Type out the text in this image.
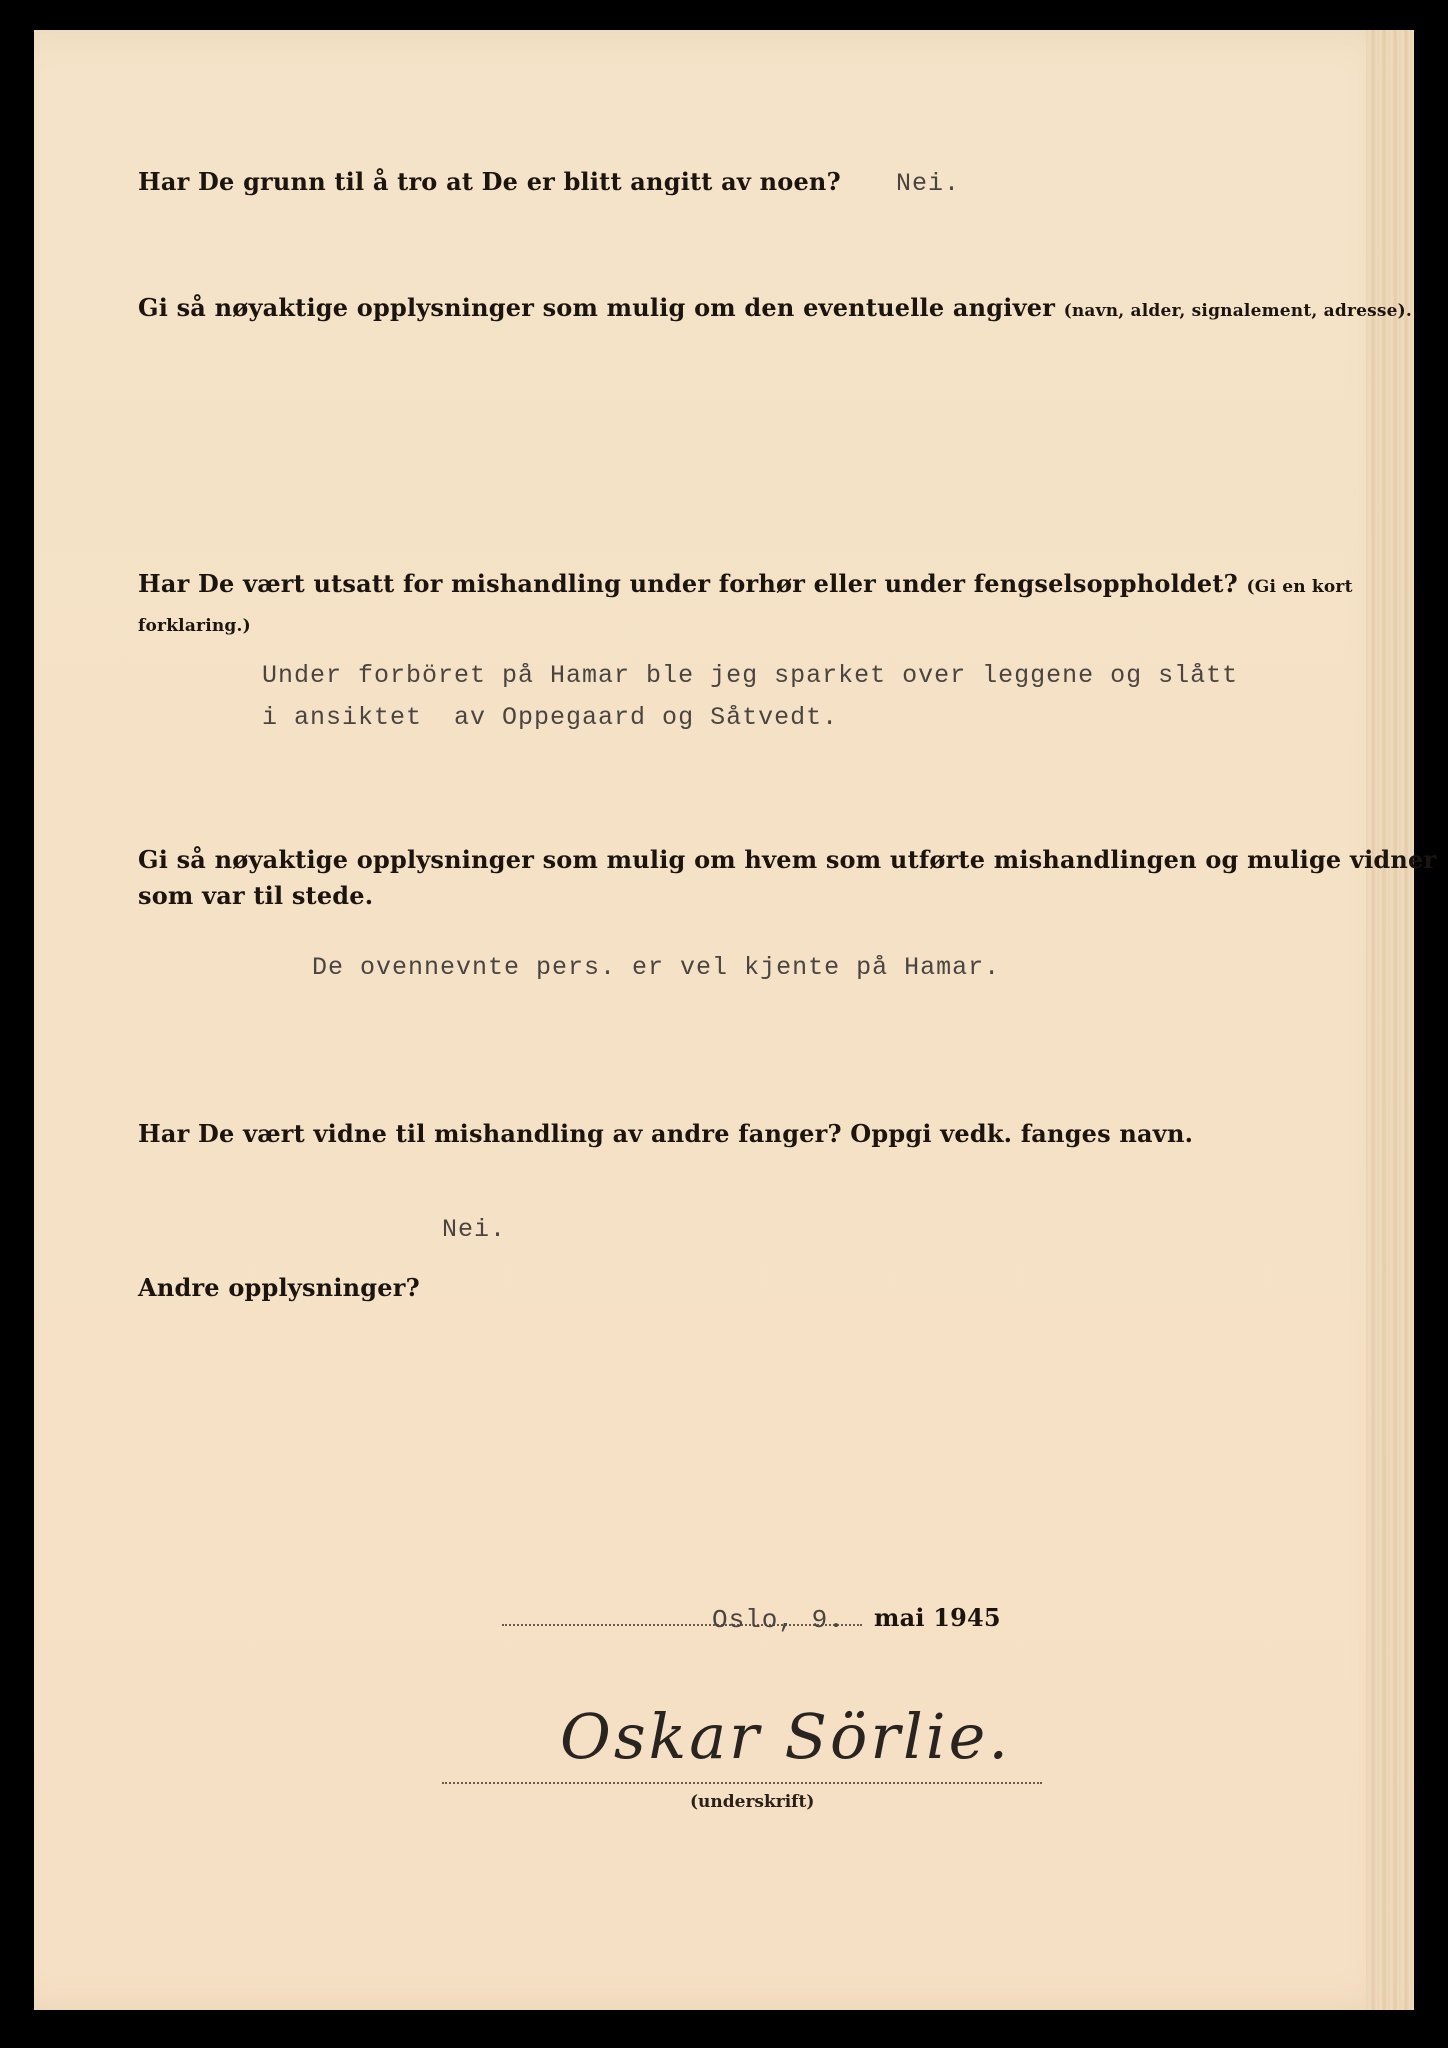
Har De grunn til å tro at De er blitt angitt av noen? Nei.
Gi så nøyaktige opplysninger som mulig om den eventuelle angiver (navn, alder, signalement, adresse).
Har De vært utsatt for mishandling under forhør eller under fengselsoppholdet? (Gi en kort forklaring.)
Under forböret på Hamar ble jeg sparket over leggene og slått
i ansiktet  av Oppegaard og Såtvedt.
Gi så nøyaktige opplysninger som mulig om hvem som utførte mishandlingen og mulige vidner
som var til stede.
De ovennevnte pers. er vel kjente på Hamar.
Har De vært vidne til mishandling av andre fanger? Oppgi vedk. fanges navn.
Nei.
Andre opplysninger?
Oslo, 9. mai 1945
Oskar Sörlie.
(underskrift)
